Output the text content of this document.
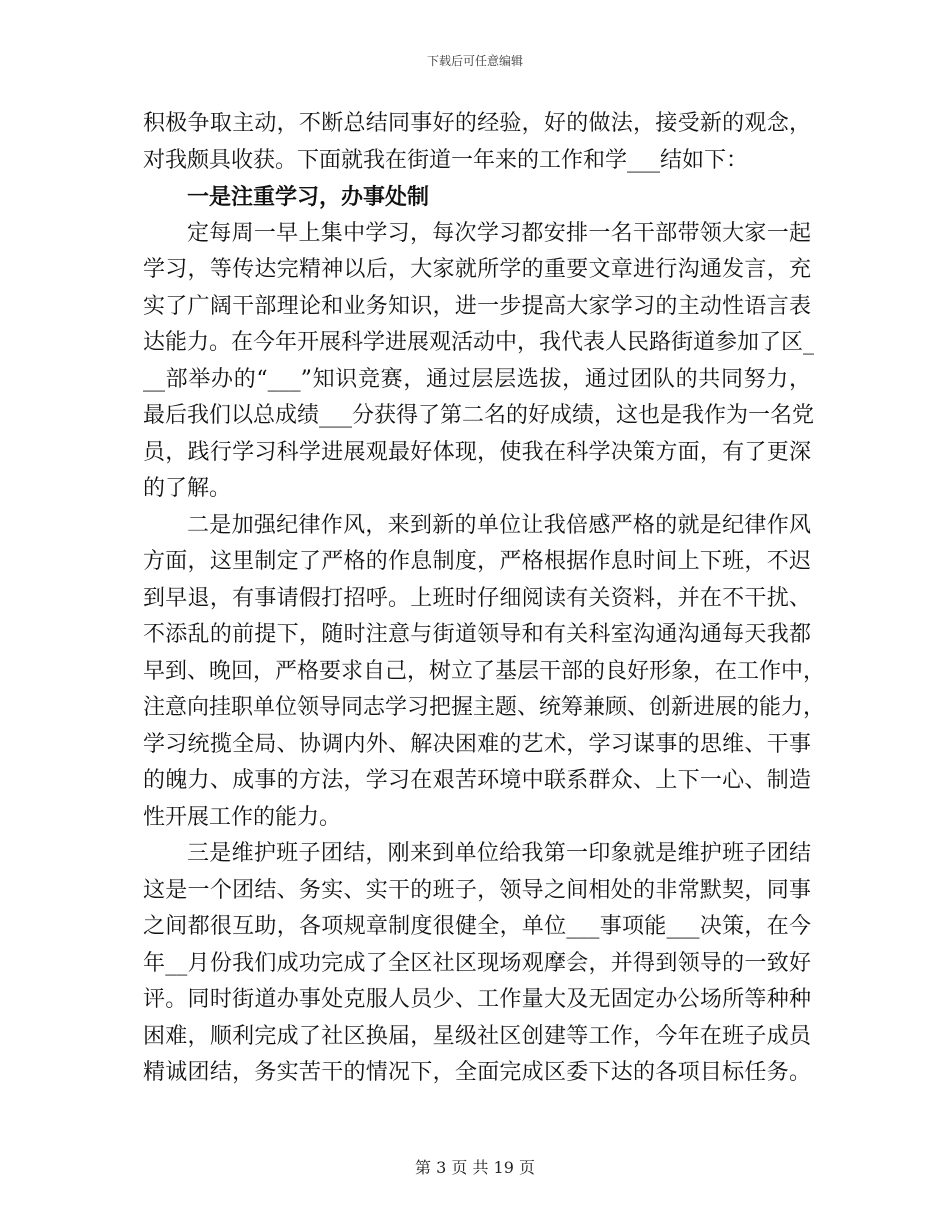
下载后可任意编辑
积极争取主动，不断总结同事好的经验，好的做法，接受新的观念，
对我颇具收获。下面就我在街道一年来的工作和学___结如下：
一是注重学习，办事处制
定每周一早上集中学习，每次学习都安排一名干部带领大家一起
学习，等传达完精神以后，大家就所学的重要文章进行沟通发言，充
实了广阔干部理论和业务知识，进一步提高大家学习的主动性语言表
达能力。在今年开展科学进展观活动中，我代表人民路街道参加了区_
__部举办的“___”知识竞赛，通过层层选拔，通过团队的共同努力，
最后我们以总成绩___分获得了第二名的好成绩，这也是我作为一名党
员，践行学习科学进展观最好体现，使我在科学决策方面，有了更深
的了解。
二是加强纪律作风，来到新的单位让我倍感严格的就是纪律作风
方面，这里制定了严格的作息制度，严格根据作息时间上下班，不迟
到早退，有事请假打招呼。上班时仔细阅读有关资料，并在不干扰、
不添乱的前提下，随时注意与街道领导和有关科室沟通沟通每天我都
早到、晚回，严格要求自己，树立了基层干部的良好形象，在工作中，
注意向挂职单位领导同志学习把握主题、统筹兼顾、创新进展的能力，
学习统揽全局、协调内外、解决困难的艺术，学习谋事的思维、干事
的魄力、成事的方法，学习在艰苦环境中联系群众、上下一心、制造
性开展工作的能力。
三是维护班子团结，刚来到单位给我第一印象就是维护班子团结
这是一个团结、务实、实干的班子，领导之间相处的非常默契，同事
之间都很互助，各项规章制度很健全，单位___事项能___决策，在今
年__月份我们成功完成了全区社区现场观摩会，并得到领导的一致好
评。同时街道办事处克服人员少、工作量大及无固定办公场所等种种
困难，顺利完成了社区换届，星级社区创建等工作，今年在班子成员
精诚团结，务实苦干的情况下，全面完成区委下达的各项目标任务。
第 3 页 共 19 页
